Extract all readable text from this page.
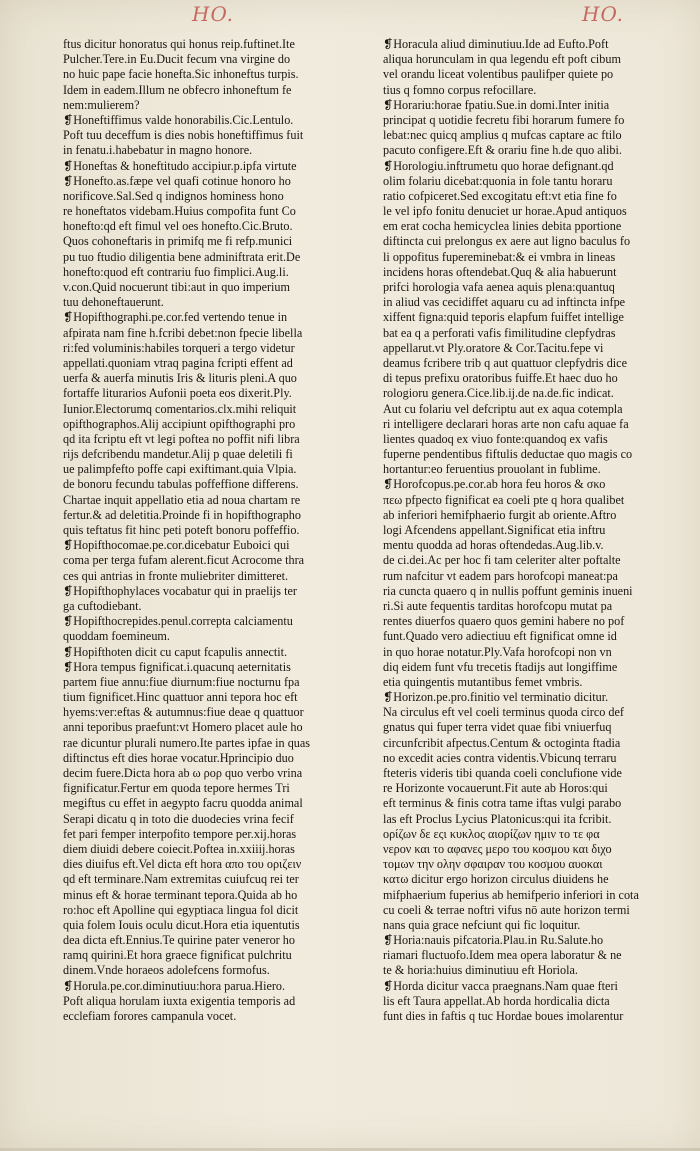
HO.	HO.
ftus dicitur honoratus qui honus reip.fuftinet.Ite
Pulcher.Tere.in Eu.Ducit fecum vna virgine do
no huic pape facie honefta.Sic inhoneftus turpis.
Idem in eadem.Illum ne obfecro inhoneftum fe
nem:mulierem?
❡Honeftiffimus valde honorabilis.Cic.Lentulo.
Poft tuu deceffum is dies nobis honeftiffimus fuit
in fenatu.i.habebatur in magno honore.
❡Honeftas & honeftitudo accipiur.p.ipfa virtute
❡Honefto.as.fæpe vel quafi cotinue honoro ho
norificove.Sal.Sed q indignos hominess hono
re honeftatos videbam.Huius compofita funt Co
honefto:qd eft fimul vel oes honefto.Cic.Bruto.
Quos cohoneftaris in primifq me fi refp.munici
pu tuo ftudio diligentia bene adminiftrata erit.De
honefto:quod eft contrariu fuo fimplici.Aug.li.
v.con.Quid nocuerunt tibi:aut in quo imperium
tuu dehoneftauerunt.
❡Hopifthographi.pe.cor.fed vertendo tenue in
afpirata nam fine h.fcribi debet:non fpecie libella
ri:fed voluminis:habiles torqueri a tergo videtur
appellati.quoniam vtraq pagina fcripti effent ad
uerfa & auerfa minutis Iris & lituris pleni.A quo
fortaffe liturarios Aufonii poeta eos dixerit.Ply.
Iunior.Electorumq comentarios.clx.mihi reliquit
opifthographos.Alij accipiunt opifthographi pro
qd ita fcriptu eft vt legi poftea no poffit nifi libra
rijs defcribendu mandetur.Alij p quae deletili fi
ue palimpfefto poffe capi exiftimant.quia Vlpia.
de bonoru fecundu tabulas poffeffione differens.
Chartae inquit appellatio etia ad noua chartam re
fertur.& ad deletitia.Proinde fi in hopifthographo
quis teftatus fit hinc peti poteft bonoru poffeffio.
❡Hopifthocomae.pe.cor.dicebatur Euboici qui
coma per terga fufam alerent.ficut Acrocome thra
ces qui antrias in fronte muliebriter dimitteret.
❡Hopifthophylaces vocabatur qui in praelijs ter
ga cuftodiebant.
❡Hopifthocrepides.penul.correpta calciamentu
quoddam foemineum.
❡Hopifthoten dicit cu caput fcapulis annectit.
❡Hora tempus fignificat.i.quacunq aeternitatis
partem fiue annu:fiue diurnum:fiue nocturnu fpa
tium fignificet.Hinc quattuor anni tepora hoc eft
hyems:ver:eftas & autumnus:fiue deae q quattuor
anni teporibus praefunt:vt Homero placet aule ho
rae dicuntur plurali numero.Ite partes ipfae in quas
diftinctus eft dies horae vocatur.Hprincipio duo
decim fuere.Dicta hora ab ω ρορ quo verbo vrina
fignificatur.Fertur em quoda tepore hermes Tri
megiftus cu effet in aegypto facru quodda animal
Serapi dicatu q in toto die duodecies vrina fecif
fet pari femper interpofito tempore per.xij.horas
diem diuidi debere coiecit.Poftea in.xxiiij.horas
dies diuifus eft.Vel dicta eft hora απο του οριζειν
qd eft terminare.Nam extremitas cuiufcuq rei ter
minus eft & horae terminant tepora.Quida ab ho
ro:hoc eft Apolline qui egyptiaca lingua fol dicit
quia folem Iouis oculu dicut.Hora etia iquentutis
dea dicta eft.Ennius.Te quirine pater veneror ho
ramq quirini.Et hora graece fignificat pulchritu
dinem.Vnde horaeos adolefcens formofus.
❡Horula.pe.cor.diminutiuu:hora parua.Hiero.
Poft aliqua horulam iuxta exigentia temporis ad
ecclefiam forores campanula vocet.
❡Horacula aliud diminutiuu.Ide ad Eufto.Poft
aliqua horunculam in qua legendu eft poft cibum
vel orandu liceat volentibus paulifper quiete po
tius q fomno corpus refocillare.
❡Horariu:horae fpatiu.Sue.in domi.Inter initia
principat q uotidie fecretu fibi horarum fumere fo
lebat:nec quicq amplius q mufcas captare ac ftilo
pacuto configere.Eft & orariu fine h.de quo alibi.
❡Horologiu.inftrumetu quo horae defignant.qd
olim folariu dicebat:quonia in fole tantu horaru
ratio cofpiceret.Sed excogitatu eft:vt etia fine fo
le vel ipfo fonitu denuciet ur horae.Apud antiquos
em erat cocha hemicyclea linies debita pportione
diftincta cui prelongus ex aere aut ligno baculus fo
li oppofitus fupereminebat:& ei vmbra in lineas
incidens horas oftendebat.Quq & alia habuerunt
prifci horologia vafa aenea aquis plena:quantuq
in aliud vas cecidiffet aquaru cu ad inftincta infpe
xiffent figna:quid teporis elapfum fuiffet intellige
bat ea q a perforati vafis fimilitudine clepfydras
appellarut.vt Ply.oratore & Cor.Tacitu.fepe vi
deamus fcribere trib q aut quattuor clepfydris dice
di tepus prefixu oratoribus fuiffe.Et haec duo ho
rologioru genera.Cice.lib.ij.de na.de.fic indicat.
Aut cu folariu vel defcriptu aut ex aqua cotempla
ri intelligere declarari horas arte non cafu aquae fa
lientes quadoq ex viuo fonte:quandoq ex vafis
fuperne pendentibus fiftulis deductae quo magis co
hortantur:eo feruentius prouolant in fublime.
❡Horofcopus.pe.cor.ab hora feu horos & σκο
πεω pfpecto fignificat ea coeli pte q hora qualibet
ab inferiori hemifphaerio furgit ab oriente.Aftro
logi Afcendens appellant.Significat etia inftru
mentu quodda ad horas oftendedas.Aug.lib.v.
de ci.dei.Ac per hoc fi tam celeriter alter poftalte
rum nafcitur vt eadem pars horofcopi maneat:pa
ria cuncta quaero q in nullis poffunt geminis inueni
ri.Si aute fequentis tarditas horofcopu mutat pa
rentes diuerfos quaero quos gemini habere no pof
funt.Quado vero adiectiuu eft fignificat omne id
in quo horae notatur.Ply.Vafa horofcopi non vn
diq eidem funt vfu trecetis ftadijs aut longiffime
etia quingentis mutantibus femet vmbris.
❡Horizon.pe.pro.finitio vel terminatio dicitur.
Na circulus eft vel coeli terminus quoda circo def
gnatus qui fuper terra videt quae fibi vniuerfuq
circunfcribit afpectus.Centum & octoginta ftadia
no excedit acies contra videntis.Vbicunq terraru
fteteris videris tibi quanda coeli conclufione vide
re Horizonte vocauerunt.Fit aute ab Horos:qui
eft terminus & finis cotra tame iftas vulgi parabo
las eft Proclus Lycius Platonicus:qui ita fcribit.
ορίζων δε εςι κυκλος αιορίζων ημιν το τε φα
νερον και το αφανες μερο του κοσμου και διχο
τομων την ολην σφαιραν του κοσμου αυοκαι
κατω dicitur ergo horizon circulus diuidens he
mifphaerium fuperius ab hemifperio inferiori in cota
cu coeli & terrae noftri vifus nō aute horizon termi
nans quia grace nefciunt qui fic loquitur.
❡Horia:nauis pifcatoria.Plau.in Ru.Salute.ho
riamari fluctuofo.Idem mea opera laboratur & ne
te & horia:huius diminutiuu eft Horiola.
❡Horda dicitur vacca praegnans.Nam quae fteri
lis eft Taura appellat.Ab horda hordicalia dicta
funt dies in faftis q tuc Hordae boues imolarentur
